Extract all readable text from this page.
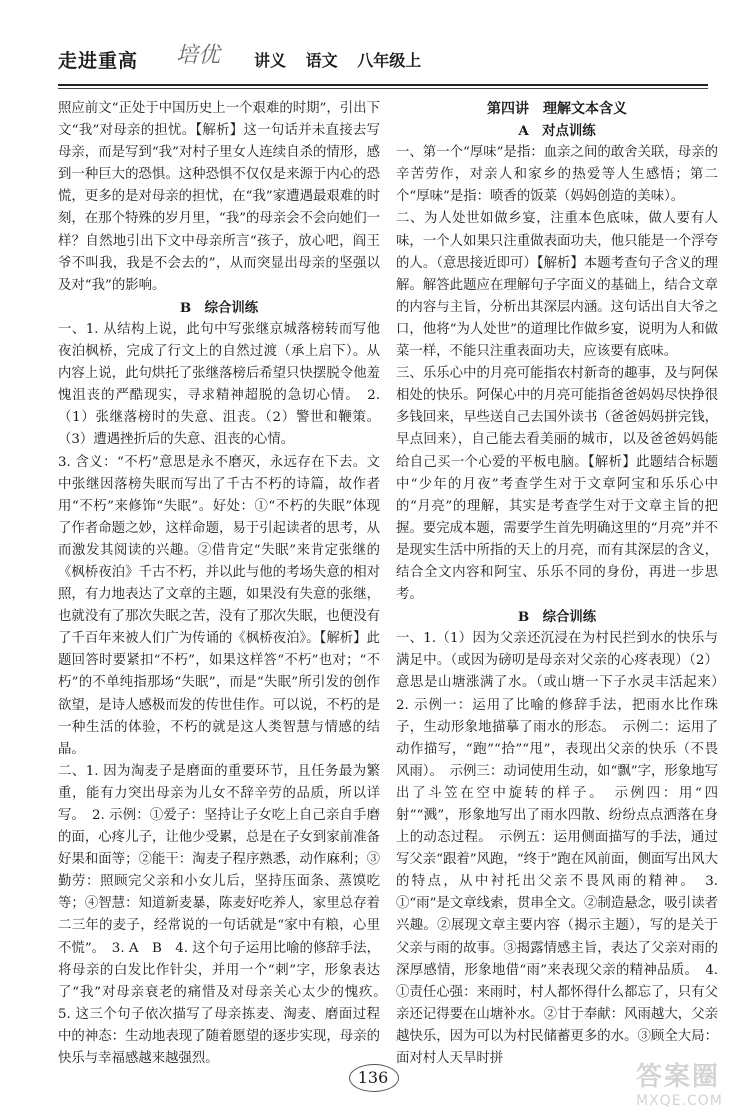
走进重高 培优 讲义 语文 八年级上

照应前文“正处于中国历史上一个艰难的时期”，引出下文“我”对母亲的担忧。【解析】这一句话并未直接去写母亲，而是写到“我”对村子里女人连续自杀的情形，感到一种巨大的恐惧。这种恐惧不仅仅是来源于内心的恐慌，更多的是对母亲的担忧，在“我”家遭遇最艰难的时刻，在那个特殊的岁月里，“我”的母亲会不会向她们一样？自然地引出下文中母亲所言“孩子，放心吧，阎王爷不叫我，我是不会去的”，从而突显出母亲的坚强以及对“我”的影响。

B　综合训练

一、1. 从结构上说，此句中写张继京城落榜转而写他夜泊枫桥，完成了行文上的自然过渡（承上启下）。从内容上说，此句烘托了张继落榜后希望只快摆脱令他羞愧沮丧的严酷现实，寻求精神超脱的急切心情。　2.（1）张继落榜时的失意、沮丧。（2）警世和鞭策。（3）遭遇挫折后的失意、沮丧的心情。

3. 含义：“不朽”意思是永不磨灭，永远存在下去。文中张继因落榜失眠而写出了千古不朽的诗篇，故作者用“不朽”来修饰“失眠”。好处：①“不朽的失眠”体现了作者命题之妙，这样命题，易于引起读者的思考，从而激发其阅读的兴趣。②借肯定“失眠”来肯定张继的《枫桥夜泊》千古不朽，并以此与他的考场失意的相对照，有力地表达了文章的主题，如果没有失意的张继，也就没有了那次失眠之苦，没有了那次失眠，也便没有了千百年来被人们广为传诵的《枫桥夜泊》。【解析】此题回答时要紧扣“不朽”，如果这样答“不朽”也对；“不朽”的不单纯指那场“失眠”，而是“失眠”所引发的创作欲望，是诗人感极而发的传世佳作。可以说，不朽的是一种生活的体验，不朽的就是这人类智慧与情感的结晶。

二、1. 因为淘麦子是磨面的重要环节，且任务最为繁重，能有力突出母亲为儿女不辞辛劳的品质，所以详写。　2. 示例：①爱子：坚持让子女吃上自己亲自手磨的面，心疼儿子，让他少受累，总是在子女到家前准备好果和面等；②能干：淘麦子程序熟悉，动作麻利；③勤劳：照顾完父亲和小女儿后，坚持压面条、蒸馍吃等；④智慧：知道新麦暴，陈麦好吃养人，家里总存着二三年的麦子，经常说的一句话就是“家中有粮，心里不慌”。　3. A　B　4. 这个句子运用比喻的修辞手法，将母亲的白发比作针尖，并用一个“刺”字，形象表达了“我”对母亲衰老的痛惜及对母亲关心太少的愧疚。　5. 这三个句子依次描写了母亲拣麦、淘麦、磨面过程中的神态：生动地表现了随着愿望的逐步实现，母亲的快乐与幸福感越来越强烈。

第四讲　理解文本含义
A　对点训练

一、第一个“厚味”是指：血亲之间的敢舍关联，母亲的辛苦劳作，对亲人和家乡的热爱等人生感悟；第二个“厚味”是指：喷香的饭菜（妈妈创造的美味）。

二、为人处世如做乡宴，注重本色底味，做人要有人味，一个人如果只注重做表面功夫，他只能是一个浮夸的人。（意思接近即可）【解析】本题考查句子含义的理解。解答此题应在理解句子字面义的基础上，结合文章的内容与主旨，分析出其深层内涵。这句话出自大爷之口，他将“为人处世”的道理比作做乡宴，说明为人和做菜一样，不能只注重表面功夫，应该要有底味。

三、乐乐心中的月亮可能指农村新奇的趣事，及与阿保相处的快乐。阿保心中的月亮可能指爸爸妈妈尽快挣很多钱回来，早些送自己去国外读书（爸爸妈妈拼完钱，早点回来），自己能去看美丽的城市，以及爸爸妈妈能给自己买一个心爱的平板电脑。【解析】此题结合标题中“少年的月夜”考查学生对于文章阿宝和乐乐心中的“月亮”的理解，其实是考查学生对于文章主旨的把握。要完成本题，需要学生首先明确这里的“月亮”并不是现实生活中所指的天上的月亮，而有其深层的含义，结合全文内容和阿宝、乐乐不同的身份，再进一步思考。

B　综合训练

一、1.（1）因为父亲还沉浸在为村民拦到水的快乐与满足中。（或因为磅叨是母亲对父亲的心疼表现）（2）意思是山塘涨满了水。（或山塘一下子水灵丰活起来）　2. 示例一：运用了比喻的修辞手法，把雨水比作珠子，生动形象地描摹了雨水的形态。　示例二：运用了动作描写，“跑”“拾”“甩”，表现出父亲的快乐（不畏风雨）。　示例三：动词使用生动，如“飘”字，形象地写出了斗笠在空中旋转的样子。　示例四：用“四射”“溅”，形象地写出了雨水四散、纷纷点点洒落在身上的动态过程。　示例五：运用侧面描写的手法，通过写父亲“跟着”风跑，“终于”跑在风前面，侧面写出风大的特点，从中衬托出父亲不畏风雨的精神。　3. ①“雨”是文章线索，贯串全文。②制造悬念，吸引读者兴趣。②展现文章主要内容（揭示主题），写的是关于父亲与雨的故事。③揭露情感主旨，表达了父亲对雨的深厚感情，形象地借“雨”来表现父亲的精神品质。　4. ①责任心强：来雨时，村人都怀得什么都忘了，只有父亲还记得要在山塘补水。②甘于奉献：风雨越大，父亲越快乐，因为可以为村民储蓄更多的水。③顾全大局：面对村人天旱时拼

136	答案圈
MXQE.COM
